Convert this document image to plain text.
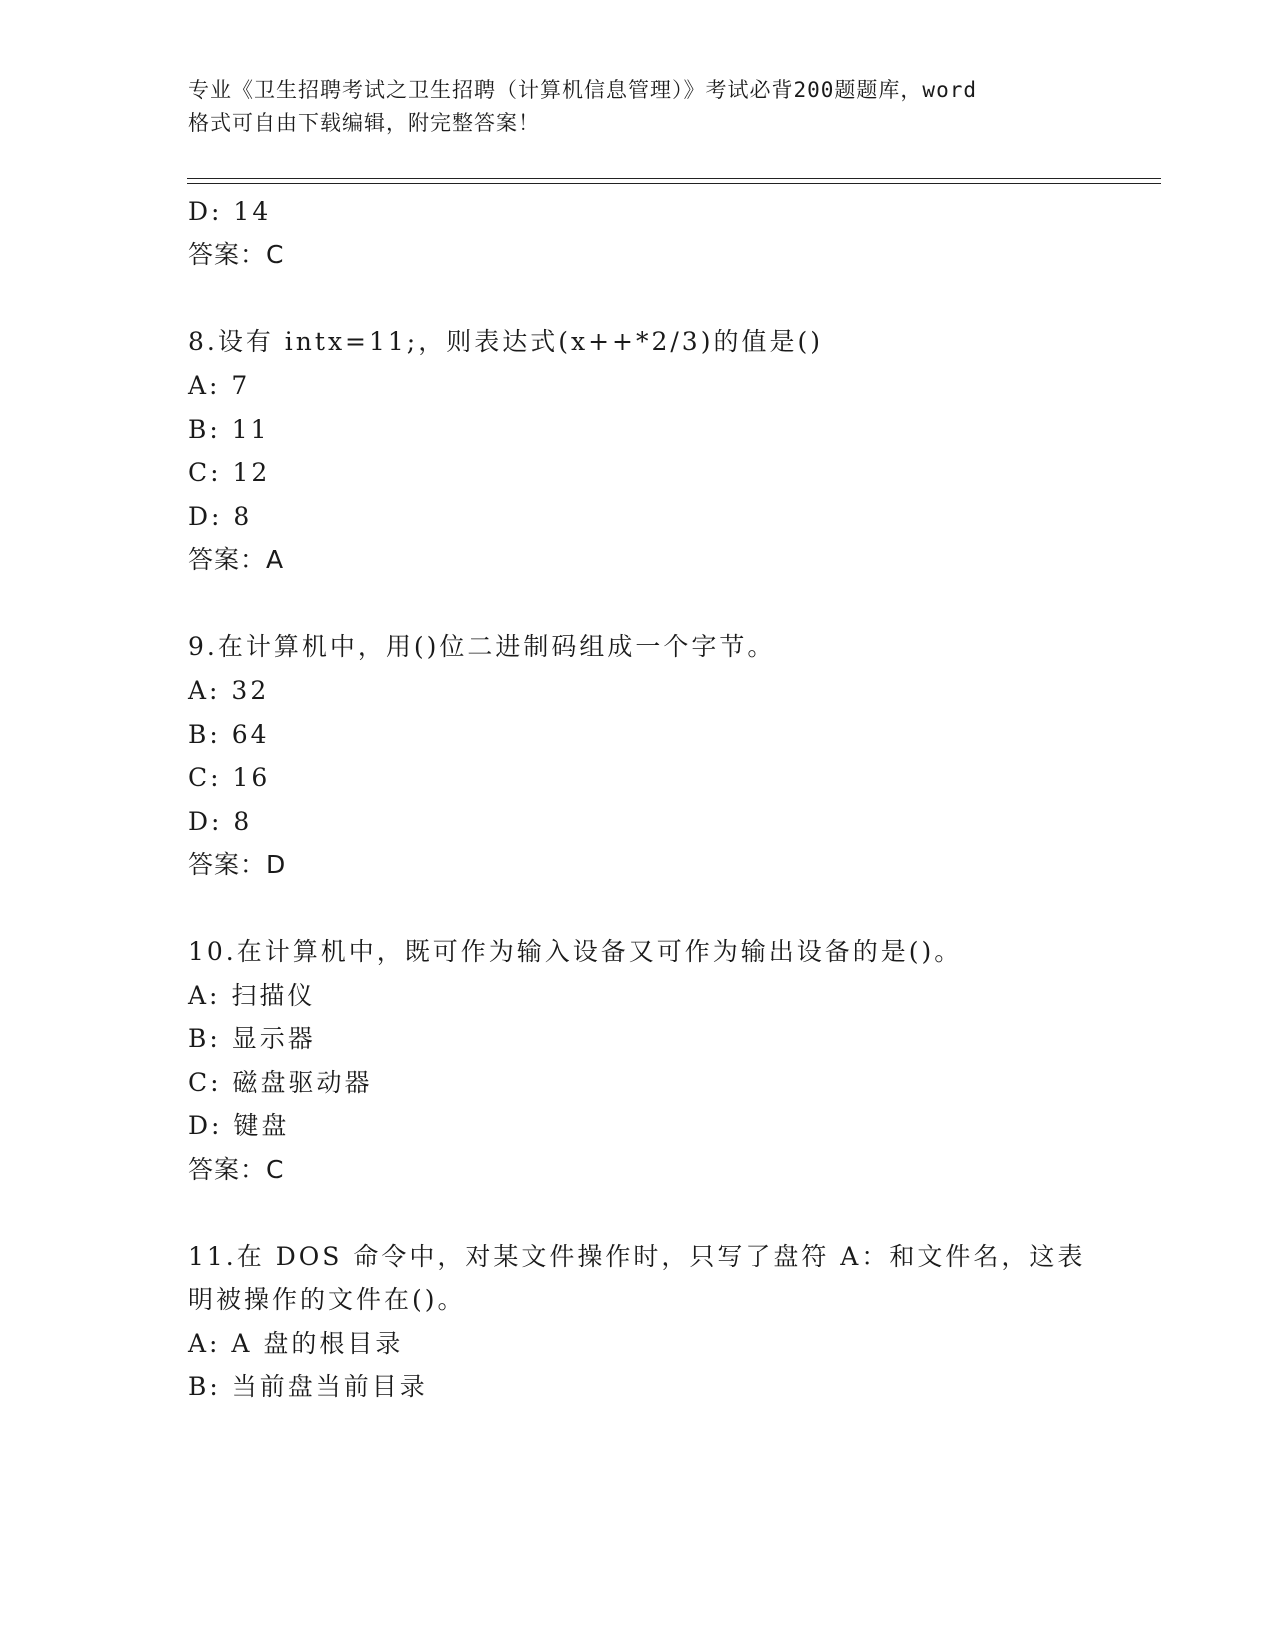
专业《卫生招聘考试之卫生招聘（计算机信息管理）》考试必背200题题库，word
格式可自由下载编辑，附完整答案！
D: 14
答案：C
8.设有 intx=11;，则表达式(x++*2/3)的值是()
A: 7
B: 11
C: 12
D: 8
答案：A
9.在计算机中，用()位二进制码组成一个字节。
A: 32
B: 64
C: 16
D: 8
答案：D
10.在计算机中，既可作为输入设备又可作为输出设备的是()。
A: 扫描仪
B: 显示器
C: 磁盘驱动器
D: 键盘
答案：C
11.在 DOS 命令中，对某文件操作时，只写了盘符 A：和文件名，这表
明被操作的文件在()。
A: A 盘的根目录
B: 当前盘当前目录
